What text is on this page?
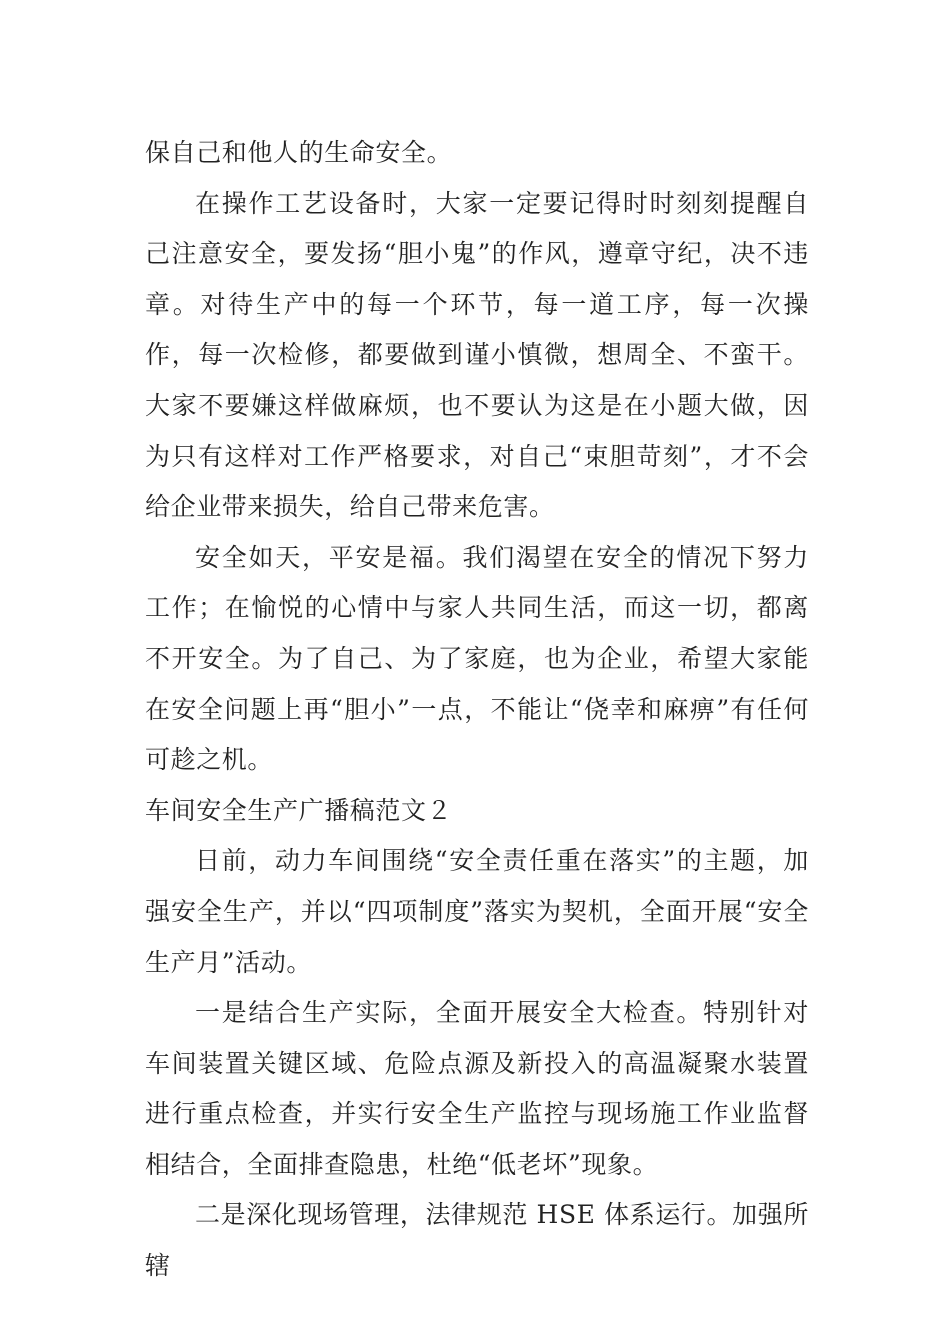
保自己和他人的生命安全。

在操作工艺设备时，大家一定要记得时时刻刻提醒自己注意安全，要发扬“胆小鬼”的作风，遵章守纪，决不违章。对待生产中的每一个环节，每一道工序，每一次操作，每一次检修，都要做到谨小慎微，想周全、不蛮干。大家不要嫌这样做麻烦，也不要认为这是在小题大做，因为只有这样对工作严格要求，对自己“束胆苛刻”，才不会给企业带来损失，给自己带来危害。

安全如天，平安是福。我们渴望在安全的情况下努力工作；在愉悦的心情中与家人共同生活，而这一切，都离不开安全。为了自己、为了家庭，也为企业，希望大家能在安全问题上再“胆小”一点，不能让“侥幸和麻痹”有任何可趁之机。

车间安全生产广播稿范文２

日前，动力车间围绕“安全责任重在落实”的主题，加强安全生产，并以“四项制度”落实为契机，全面开展“安全生产月”活动。

一是结合生产实际，全面开展安全大检查。特别针对车间装置关键区域、危险点源及新投入的高温凝聚水装置进行重点检查，并实行安全生产监控与现场施工作业监督相结合，全面排查隐患，杜绝“低老坏”现象。

二是深化现场管理，法律规范 HSE 体系运行。加强所辖
